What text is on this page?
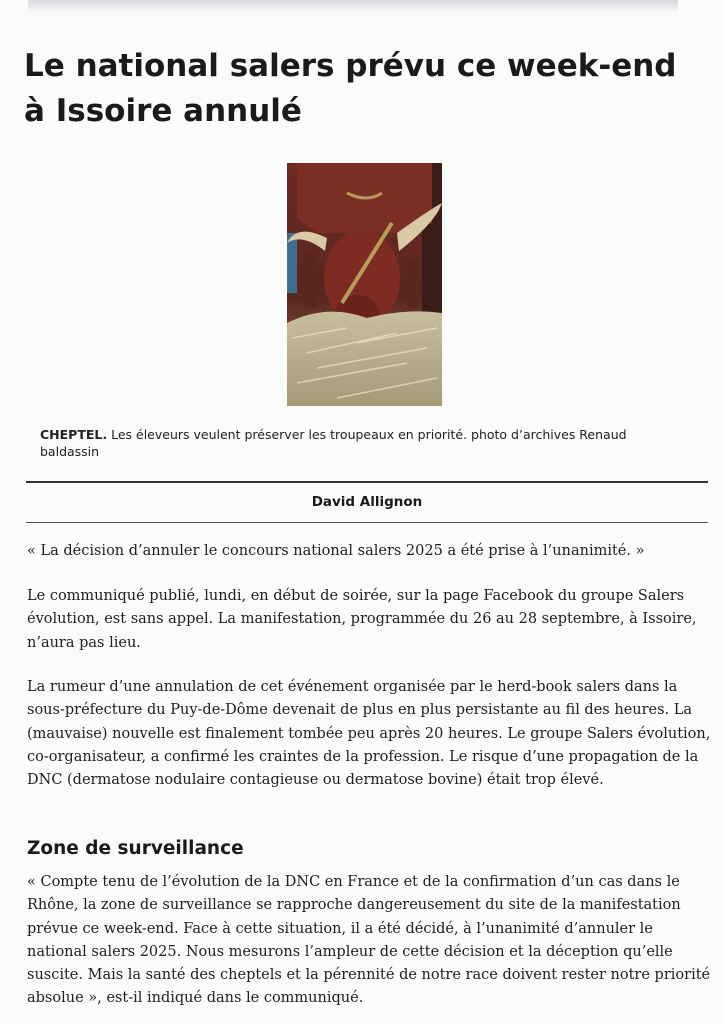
Le national salers prévu ce week-end à Issoire annulé

CHEPTEL. Les éleveurs veulent préserver les troupeaux en priorité. photo d’archives Renaud baldassin

David Allignon

« La décision d’annuler le concours national salers 2025 a été prise à l’unanimité. »

Le communiqué publié, lundi, en début de soirée, sur la page Facebook du groupe Salers évolution, est sans appel. La manifestation, programmée du 26 au 28 septembre, à Issoire, n’aura pas lieu.

La rumeur d’une annulation de cet événement organisée par le herd-book salers dans la sous-préfecture du Puy-de-Dôme devenait de plus en plus persistante au fil des heures. La (mauvaise) nouvelle est finalement tombée peu après 20 heures. Le groupe Salers évolution, co-organisateur, a confirmé les craintes de la profession. Le risque d’une propagation de la DNC (dermatose nodulaire contagieuse ou dermatose bovine) était trop élevé.

Zone de surveillance

« Compte tenu de l’évolution de la DNC en France et de la confirmation d’un cas dans le Rhône, la zone de surveillance se rapproche dangereusement du site de la manifestation prévue ce week-end. Face à cette situation, il a été décidé, à l’unanimité d’annuler le national salers 2025. Nous mesurons l’ampleur de cette décision et la déception qu’elle suscite. Mais la santé des cheptels et la pérennité de notre race doivent rester notre priorité absolue », est-il indiqué dans le communiqué.
